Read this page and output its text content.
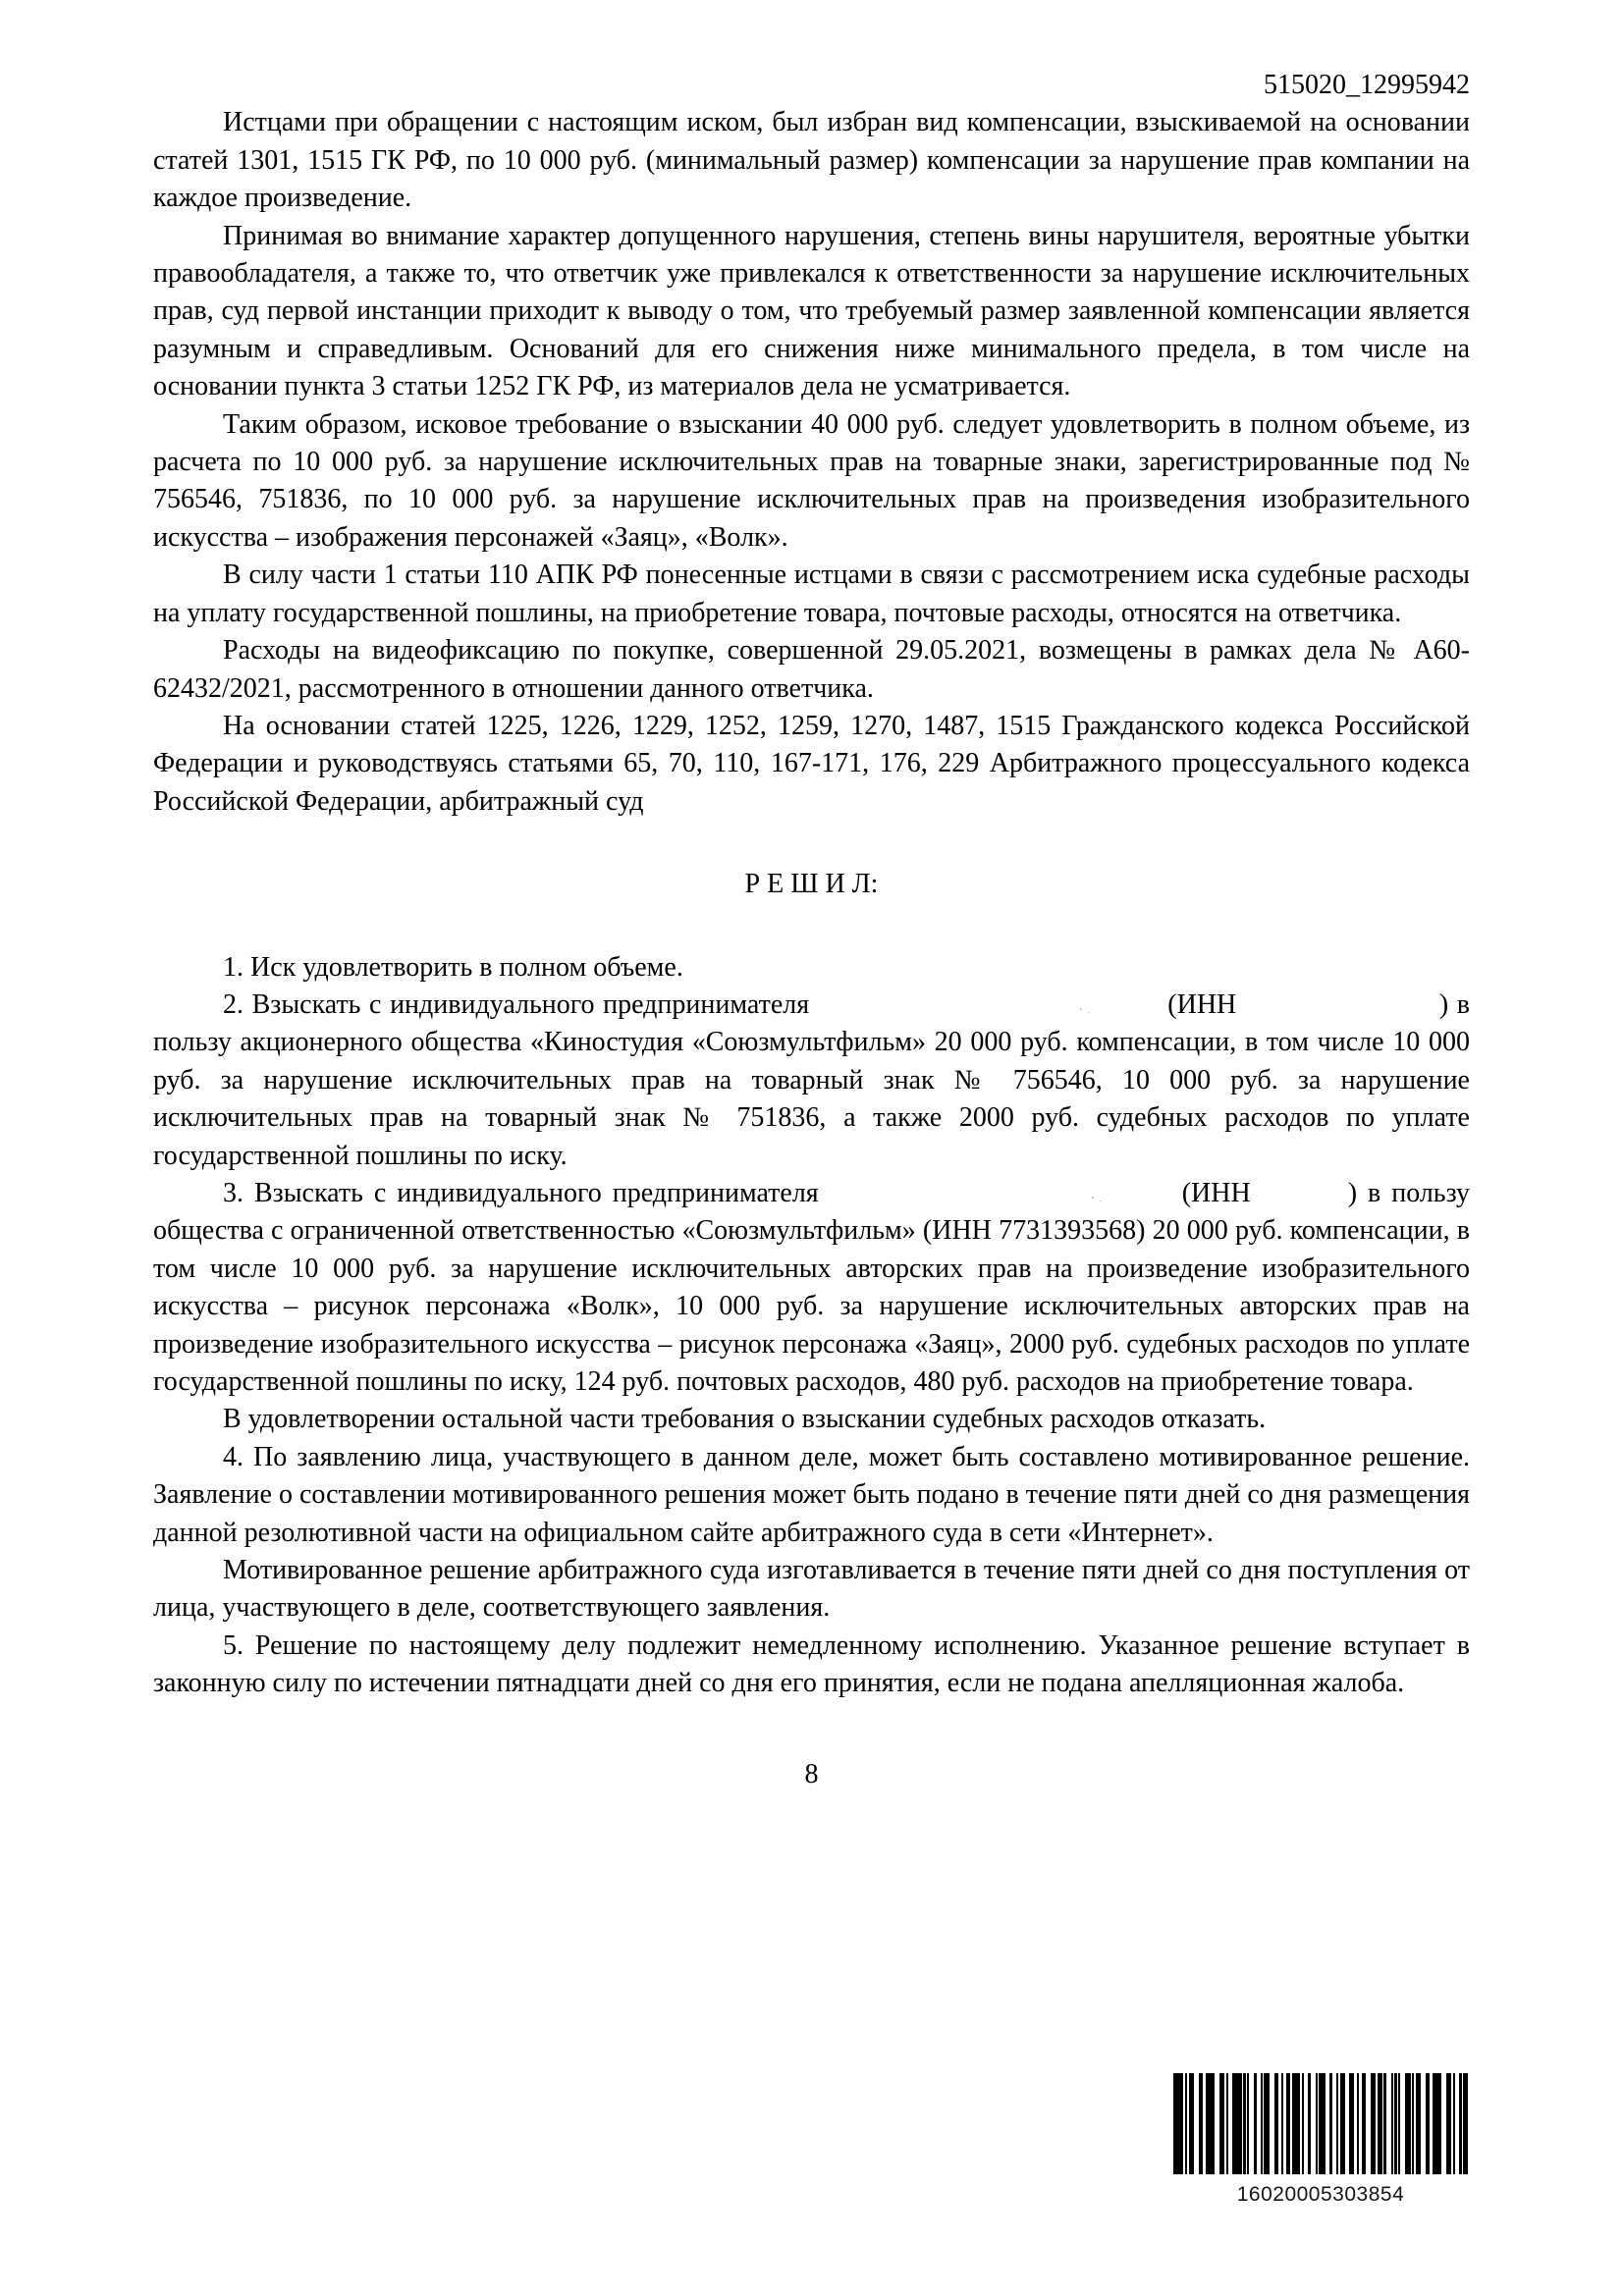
515020_12995942

Истцами при обращении с настоящим иском, был избран вид компенсации, взыскиваемой на основании статей 1301, 1515 ГК РФ, по 10 000 руб. (минимальный размер) компенсации за нарушение прав компании на каждое произведение.

Принимая во внимание характер допущенного нарушения, степень вины нарушителя, вероятные убытки правообладателя, а также то, что ответчик уже привлекался к ответственности за нарушение исключительных прав, суд первой инстанции приходит к выводу о том, что требуемый размер заявленной компенсации является разумным и справедливым. Оснований для его снижения ниже минимального предела, в том числе на основании пункта 3 статьи 1252 ГК РФ, из материалов дела не усматривается.

Таким образом, исковое требование о взыскании 40 000 руб. следует удовлетворить в полном объеме, из расчета по 10 000 руб. за нарушение исключительных прав на товарные знаки, зарегистрированные под № 756546, 751836, по 10 000 руб. за нарушение исключительных прав на произведения изобразительного искусства – изображения персонажей «Заяц», «Волк».

В силу части 1 статьи 110 АПК РФ понесенные истцами в связи с рассмотрением иска судебные расходы на уплату государственной пошлины, на приобретение товара, почтовые расходы, относятся на ответчика.

Расходы на видеофиксацию по покупке, совершенной 29.05.2021, возмещены в рамках дела № А60-62432/2021, рассмотренного в отношении данного ответчика.

На основании статей 1225, 1226, 1229, 1252, 1259, 1270, 1487, 1515 Гражданского кодекса Российской Федерации и руководствуясь статьями 65, 70, 110, 167-171, 176, 229 Арбитражного процессуального кодекса Российской Федерации, арбитражный суд

Р Е Ш И Л:

1. Иск удовлетворить в полном объеме.

2. Взыскать с индивидуального предпринимателя · .	(ИНН	) в пользу акционерного общества «Киностудия «Союзмультфильм» 20 000 руб. компенсации, в том числе 10 000 руб. за нарушение исключительных прав на товарный знак № 756546, 10 000 руб. за нарушение исключительных прав на товарный знак № 751836, а также 2000 руб. судебных расходов по уплате государственной пошлины по иску.

3. Взыскать с индивидуального предпринимателя · .	(ИНН	) в пользу общества с ограниченной ответственностью «Союзмультфильм» (ИНН 7731393568) 20 000 руб. компенсации, в том числе 10 000 руб. за нарушение исключительных авторских прав на произведение изобразительного искусства – рисунок персонажа «Волк», 10 000 руб. за нарушение исключительных авторских прав на произведение изобразительного искусства – рисунок персонажа «Заяц», 2000 руб. судебных расходов по уплате государственной пошлины по иску, 124 руб. почтовых расходов, 480 руб. расходов на приобретение товара.

В удовлетворении остальной части требования о взыскании судебных расходов отказать.

4. По заявлению лица, участвующего в данном деле, может быть составлено мотивированное решение. Заявление о составлении мотивированного решения может быть подано в течение пяти дней со дня размещения данной резолютивной части на официальном сайте арбитражного суда в сети «Интернет».

Мотивированное решение арбитражного суда изготавливается в течение пяти дней со дня поступления от лица, участвующего в деле, соответствующего заявления.

5. Решение по настоящему делу подлежит немедленному исполнению. Указанное решение вступает в законную силу по истечении пятнадцати дней со дня его принятия, если не подана апелляционная жалоба.

8
16020005303854
